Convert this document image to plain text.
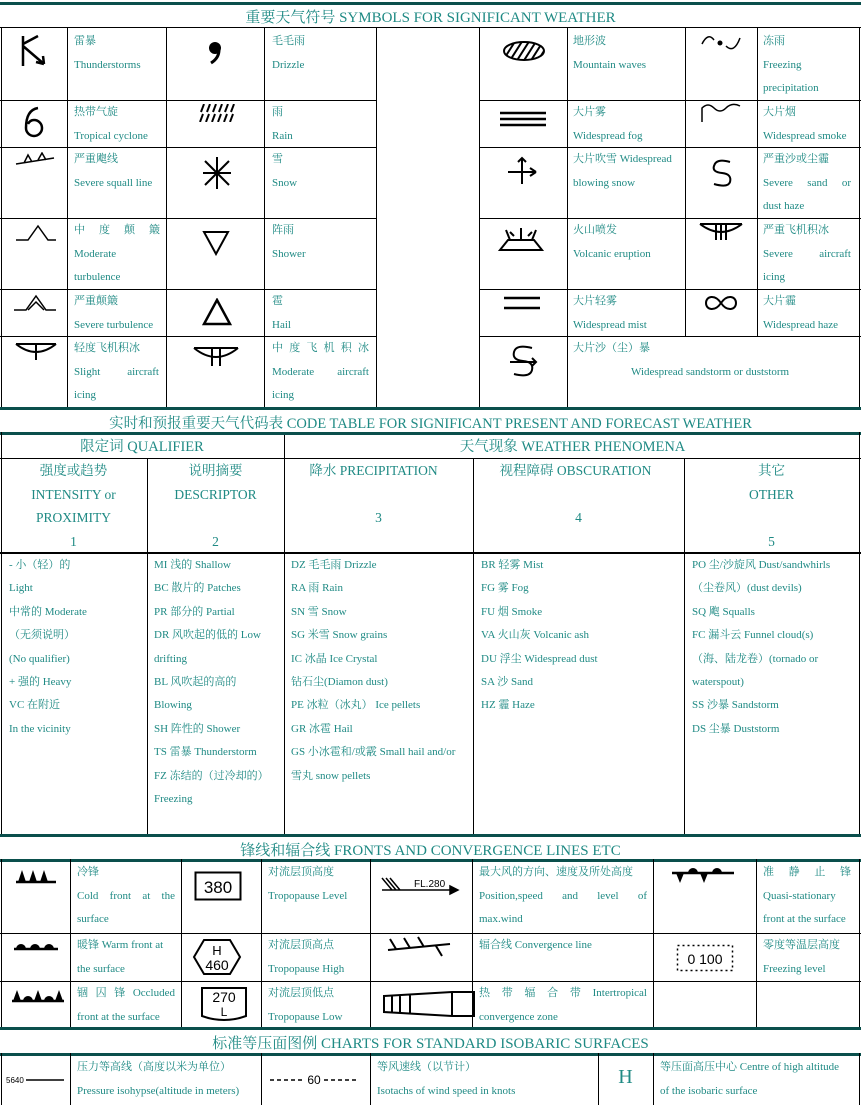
重要天气符号 SYMBOLS FOR SIGNIFICANT WEATHER
雷暴
Thunderstorms
毛毛雨
Drizzle
地形波
Mountain waves
冻雨
Freezing
precipitation
热带气旋
Tropical cyclone
雨
Rain
大片雾
Widespread fog
大片烟
Widespread smoke
严重飑线
Severe squall line
雪
Snow
大片吹雪 Widespread
blowing snow
严重沙或尘霾
Severe sand or
dust haze
中 度 颠 簸
Moderate
turbulence
阵雨
Shower
火山喷发
Volcanic eruption
严重飞机积冰
Severe aircraft
icing
严重颠簸
Severe turbulence
雹
Hail
大片轻雾
Widespread mist
大片霾
Widespread haze
轻度飞机积冰
Slight aircraft
icing
中 度 飞 机 积 冰
Moderate aircraft
icing
大片沙（尘）暴
Widespread sandstorm or duststorm
实时和预报重要天气代码表 CODE TABLE FOR SIGNIFICANT PRESENT AND FORECAST WEATHER
限定词 QUALIFIER	天气现象 WEATHER PHENOMENA
强度或趋势
INTENSITY or
PROXIMITY
1
说明摘要
DESCRIPTOR

2
降水 PRECIPITATION

3
视程障碍 OBSCURATION

4
其它
OTHER

5
- 小（轻）的
Light
中常的 Moderate
（无须说明）
(No qualifier)
+ 强的 Heavy
VC 在附近
In the vicinity
MI 浅的 Shallow
BC 散片的 Patches
PR 部分的 Partial
DR 风吹起的低的 Low
drifting
BL 风吹起的高的
Blowing
SH 阵性的 Shower
TS 雷暴 Thunderstorm
FZ 冻结的（过冷却的）
Freezing
DZ 毛毛雨 Drizzle
RA 雨 Rain
SN 雪 Snow
SG 米雪 Snow grains
IC 冰晶 Ice Crystal
钻石尘(Diamon dust)
PE 冰粒（冰丸） Ice pellets
GR 冰雹 Hail
GS 小冰雹和/或霰 Small hail and/or
雪丸 snow pellets
BR 轻雾 Mist
FG 雾 Fog
FU 烟 Smoke
VA 火山灰 Volcanic ash
DU 浮尘 Widespread dust
SA 沙 Sand
HZ 霾 Haze
PO 尘/沙旋风 Dust/sandwhirls
（尘卷风）(dust devils)
SQ 飑 Squalls
FC 漏斗云 Funnel cloud(s)
（海、陆龙卷）(tornado or
waterspout)
SS 沙暴 Sandstorm
DS 尘暴 Duststorm
锋线和辐合线 FRONTS AND CONVERGENCE LINES ETC
冷锋
Cold front at the
surface
380
对流层顶高度
Tropopause Level
FL.280
最大风的方向、速度及所处高度
Position,speed and level of
max.wind
准 静 止 锋
Quasi-stationary
front at the surface
暖锋 Warm front at
the surface
H
460
对流层顶高点
Tropopause High
辐合线 Convergence line
0 100
零度等温层高度
Freezing level
锢 囚 锋 Occluded
front at the surface
270
L
对流层顶低点
Tropopause Low
热 带 辐 合 带 Intertropical
convergence zone
标准等压面图例 CHARTS FOR STANDARD ISOBARIC SURFACES
5640
压力等高线（高度以米为单位）
Pressure isohypse(altitude in meters)
60
等风速线（以节计）
Isotachs of wind speed in knots
H	等压面高压中心 Centre of high altitude
of the isobaric surface
